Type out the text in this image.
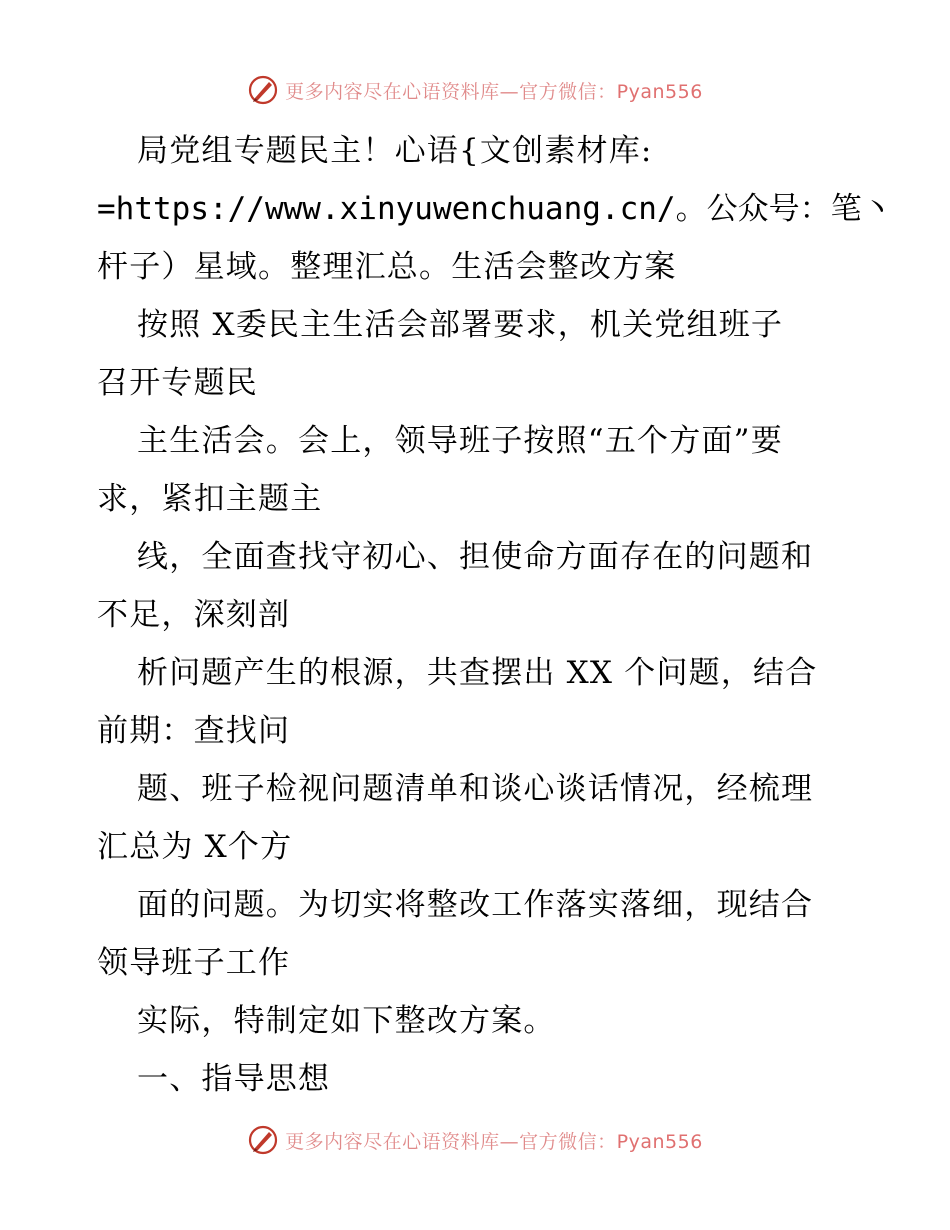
更多内容尽在心语资料库—官方微信：Pyan556
局党组专题民主！心语{文创素材库:
=https://www.xinyuwenchuang.cn/。公众号：笔丶
杆子）星域。整理汇总。生活会整改方案
按照 X委民主生活会部署要求，机关党组班子
召开专题民
主生活会。会上，领导班子按照“五个方面”要
求，紧扣主题主
线，全面查找守初心、担使命方面存在的问题和
不足，深刻剖
析问题产生的根源，共查摆出 XX 个问题，结合
前期：查找问
题、班子检视问题清单和谈心谈话情况，经梳理
汇总为 X个方
面的问题。为切实将整改工作落实落细，现结合
领导班子工作
实际，特制定如下整改方案。
一、指导思想
更多内容尽在心语资料库—官方微信：Pyan556
